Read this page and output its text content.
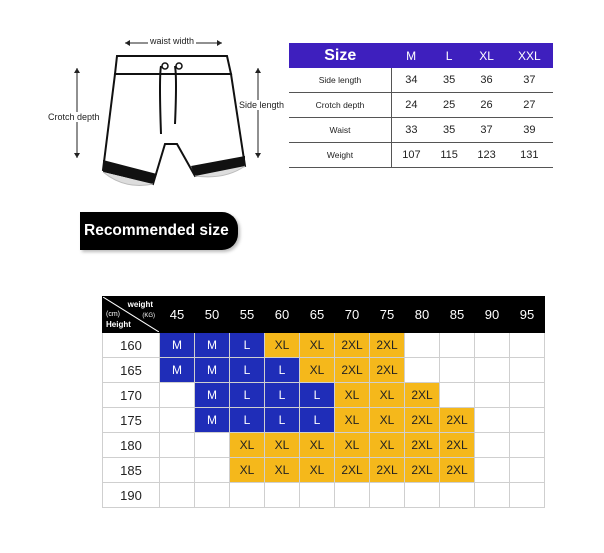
waist width
Crotch depth
Side length
Size	M	L	XL	XXL
Side length	34	35	36	37
Crotch depth	24	25	26	27
Waist	33	35	37	39
Weight	107	115	123	131
Recommended size
weight
(KG)
(cm)
Height	45	50	55	60	65	70	75	80	85	90	95
160	M	M	L	XL	XL	2XL	2XL				
165	M	M	L	L	XL	2XL	2XL				
170		M	L	L	L	XL	XL	2XL			
175		M	L	L	L	XL	XL	2XL	2XL		
180			XL	XL	XL	XL	XL	2XL	2XL		
185			XL	XL	XL	2XL	2XL	2XL	2XL		
190											
